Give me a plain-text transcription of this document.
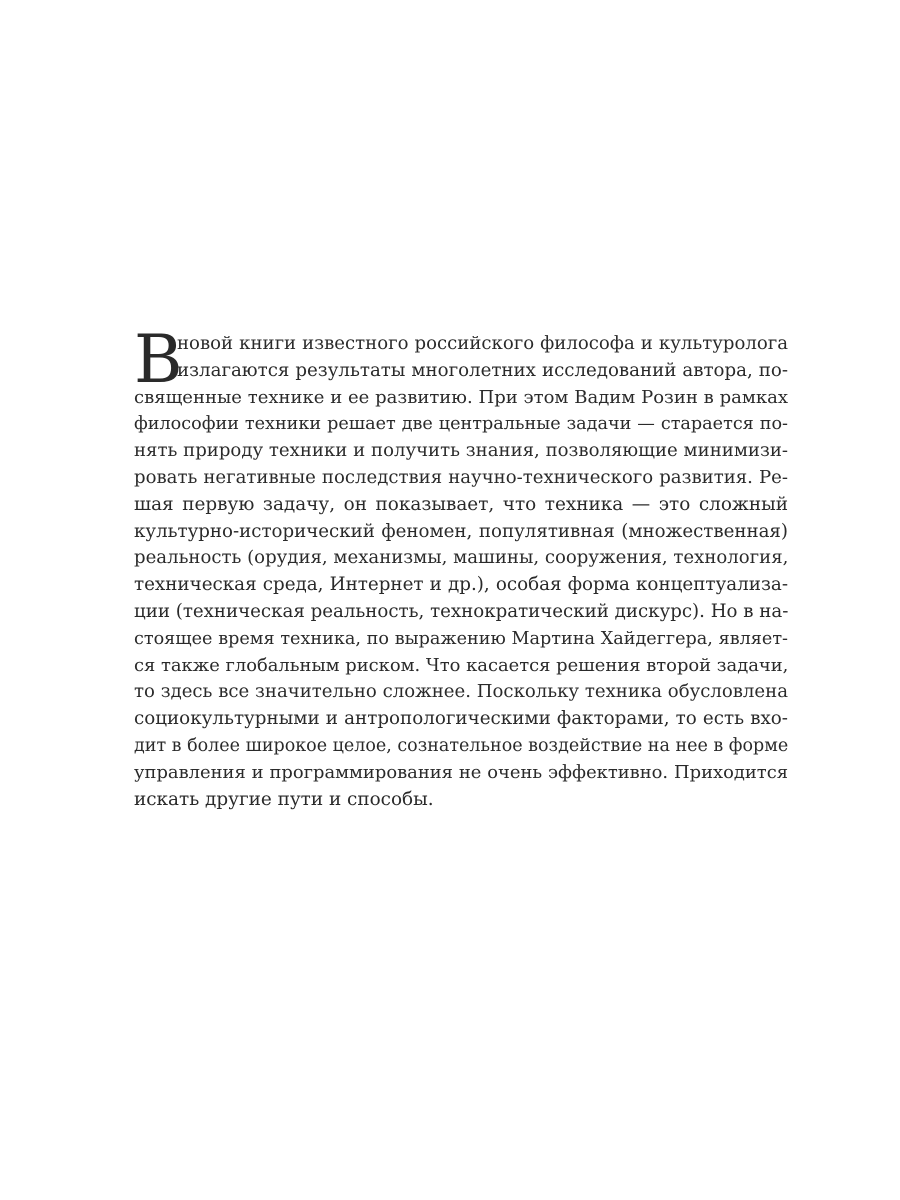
В
новой книги известного российского философа и культуролога
излагаются результаты многолетних исследований автора, по-
священные технике и ее развитию. При этом Вадим Розин в рамках
философии техники решает две центральные задачи — старается по-
нять природу техники и получить знания, позволяющие минимизи-
ровать негативные последствия научно-технического развития. Ре-
шая первую задачу, он показывает, что техника — это сложный
культурно-исторический феномен, популятивная (множественная)
реальность (орудия, механизмы, машины, сооружения, технология,
техническая среда, Интернет и др.), особая форма концептуализа-
ции (техническая реальность, технократический дискурс). Но в на-
стоящее время техника, по выражению Мартина Хайдеггера, являет-
ся также глобальным риском. Что касается решения второй задачи,
то здесь все значительно сложнее. Поскольку техника обусловлена
социокультурными и антропологическими факторами, то есть вхо-
дит в более широкое целое, сознательное воздействие на нее в форме
управления и программирования не очень эффективно. Приходится
искать другие пути и способы.
